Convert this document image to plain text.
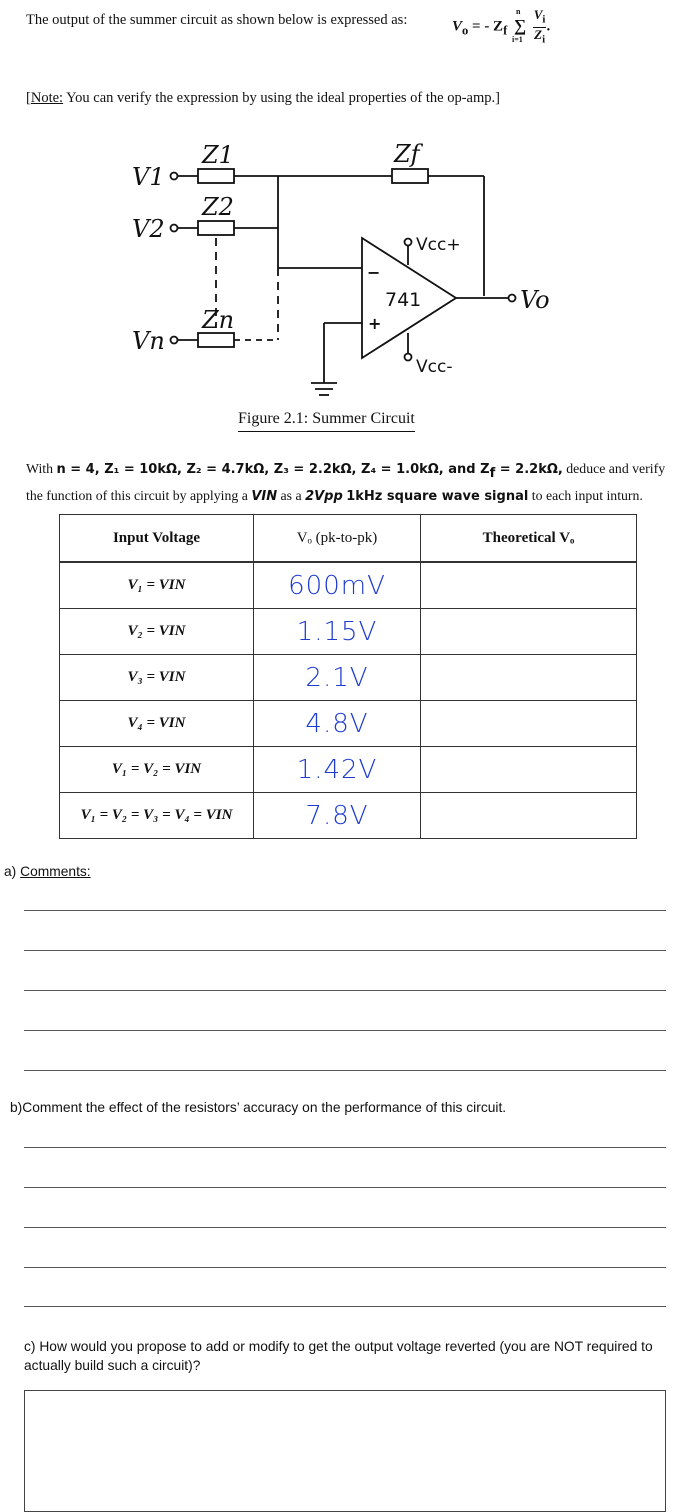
The output of the summer circuit as shown below is expressed as:	$V_o$ = - $Z_f$ ∑
n
i=1
$\frac{V_i}{Z_i}$ .
[Note: You can verify the expression by using the ideal properties of the op-amp.]
V1
V2
Vn
Z1
Z2
Zn
Zf
Vo
741
Vcc+
Vcc-
−
+
Figure 2.1: Summer Circuit
With n = 4, Z₁ = 10kΩ, Z₂ = 4.7kΩ, Z₃ = 2.2kΩ, Z₄ = 1.0kΩ, and $Z_f = 2.2k\Omega$, deduce and verify the function of this circuit by applying a VIN as a 2Vpp 1kHz square wave signal to each input inturn.
Input Voltage	Vₒ (pk-to-pk)	Theoretical Vₒ
V₁ = VIN	600mV	
V₂ = VIN	1.15V	
V₃ = VIN	2.1V	
V₄ = VIN	4.8V	
V₁ = V₂ = VIN	1.42V	
V₁ = V₂ = V₃ = V₄ = VIN	7.8V	
a) Comments:
b)Comment the effect of the resistors’ accuracy on the performance of this circuit.
c) How would you propose to add or modify to get the output voltage reverted (you are NOT required to actually build such a circuit)?
